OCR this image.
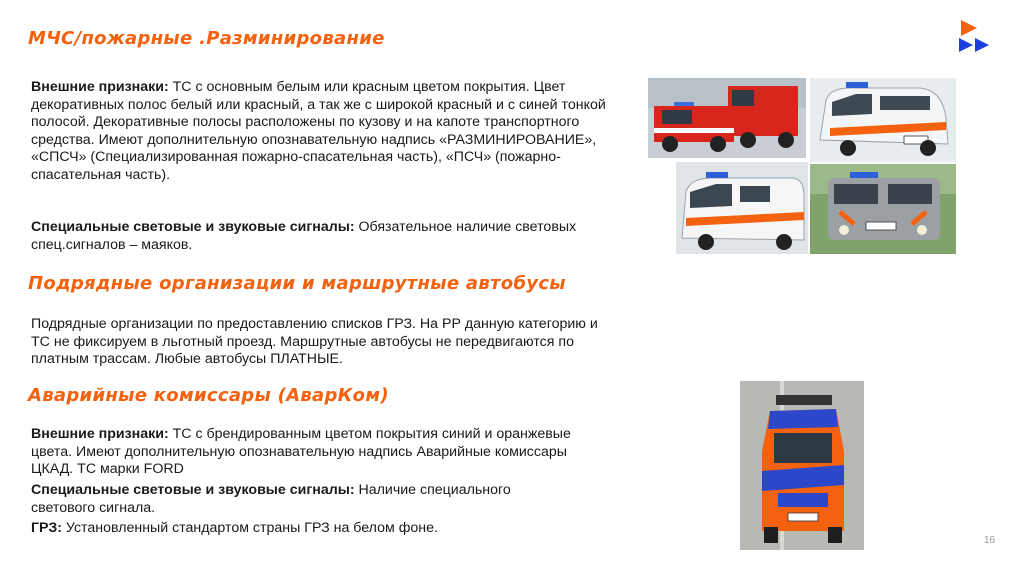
МЧС/пожарные .Разминирование

Внешние признаки: ТС с основным белым или красным цветом покрытия. Цвет декоративных полос белый или красный, а так же с широкой красный и с синей тонкой полосой. Декоративные полосы расположены по кузову и на капоте транспортного средства. Имеют дополнительную опознавательную надпись «РАЗМИНИРОВАНИЕ», «СПСЧ» (Специализированная пожарно-спасательная часть), «ПСЧ» (пожарно-спасательная часть).

Специальные световые и звуковые сигналы: Обязательное наличие световых спец.сигналов – маяков.

Подрядные организации и маршрутные автобусы

Подрядные организации по предоставлению списков ГРЗ. На РР данную категорию и ТС не фиксируем в льготный проезд. Маршрутные автобусы не передвигаются по платным трассам. Любые автобусы ПЛАТНЫЕ.

Аварийные комиссары (АварКом)

Внешние признаки: ТС с брендированным цветом покрытия синий и оранжевые цвета. Имеют дополнительную опознавательную надпись Аварийные комиссары ЦКАД. ТС марки FORD

Специальные световые и звуковые сигналы: Наличие специального светового сигнала.

ГРЗ: Установленный стандартом страны ГРЗ на белом фоне.

16
